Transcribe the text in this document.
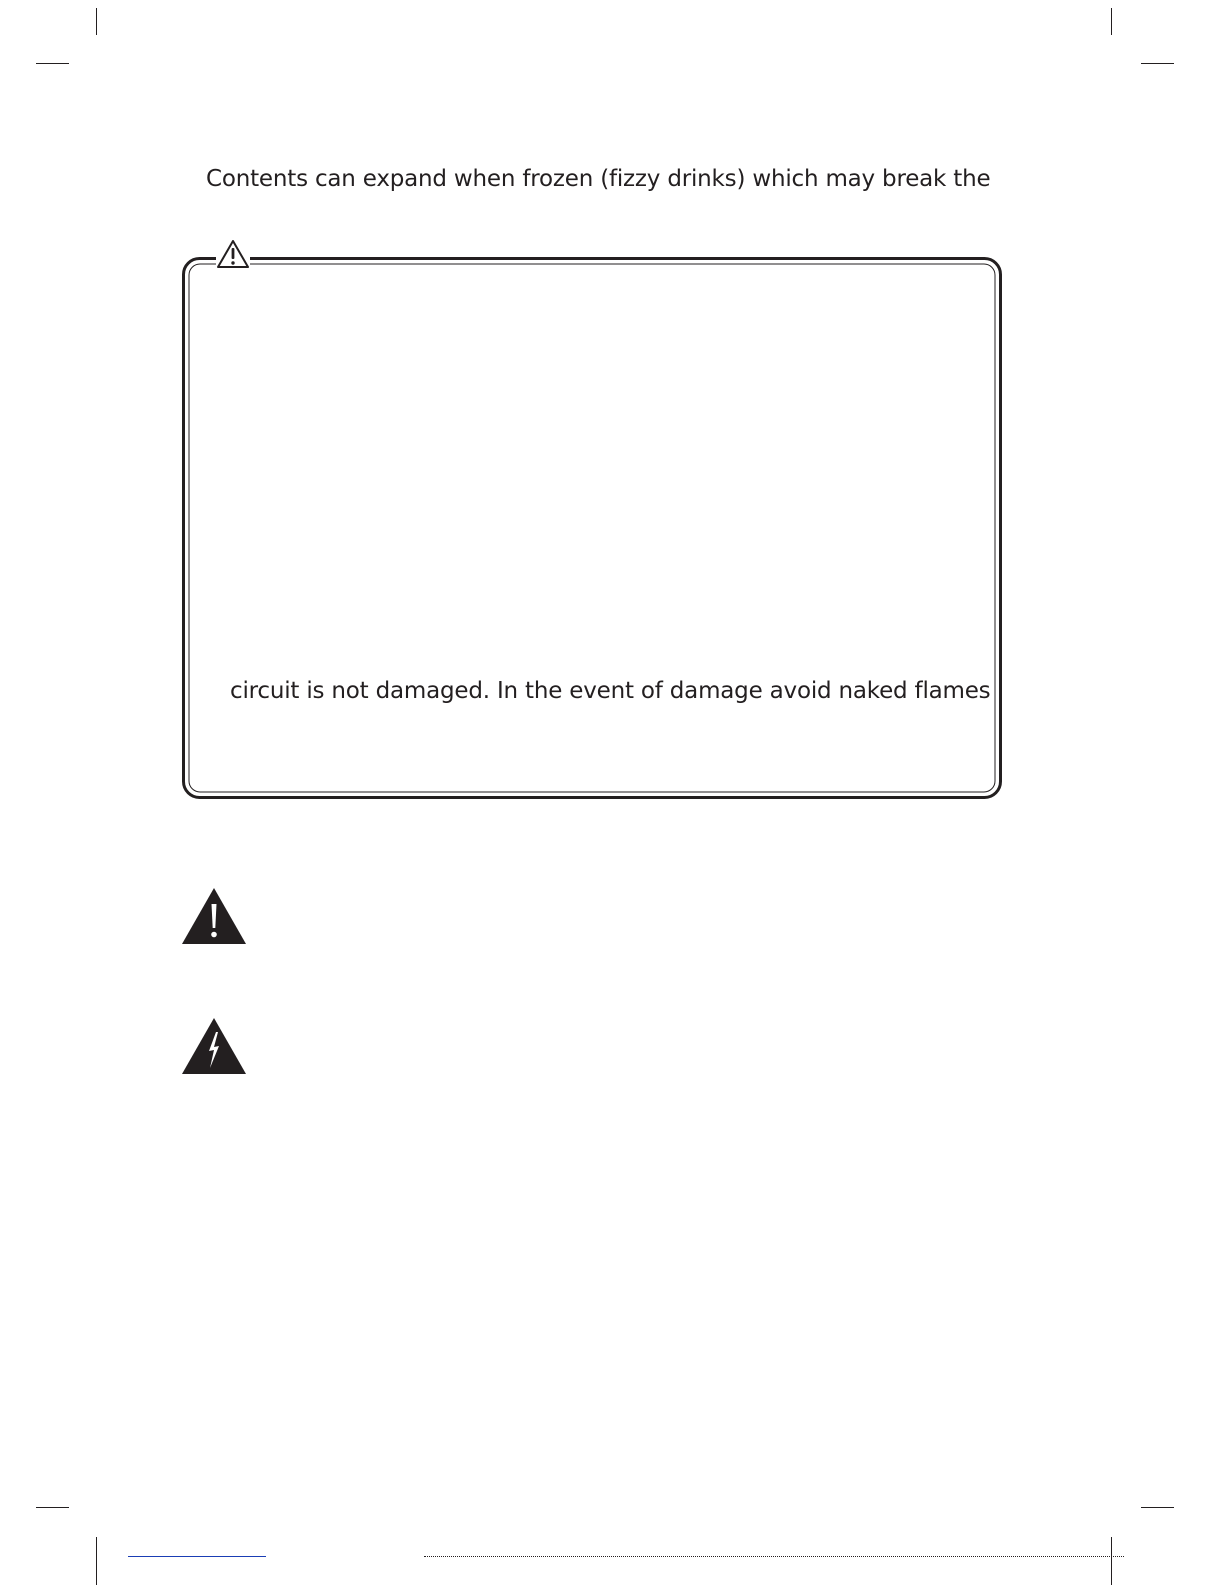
Contents can expand when frozen (fizzy drinks) which may break the

circuit is not damaged. In the event of damage avoid naked flames
